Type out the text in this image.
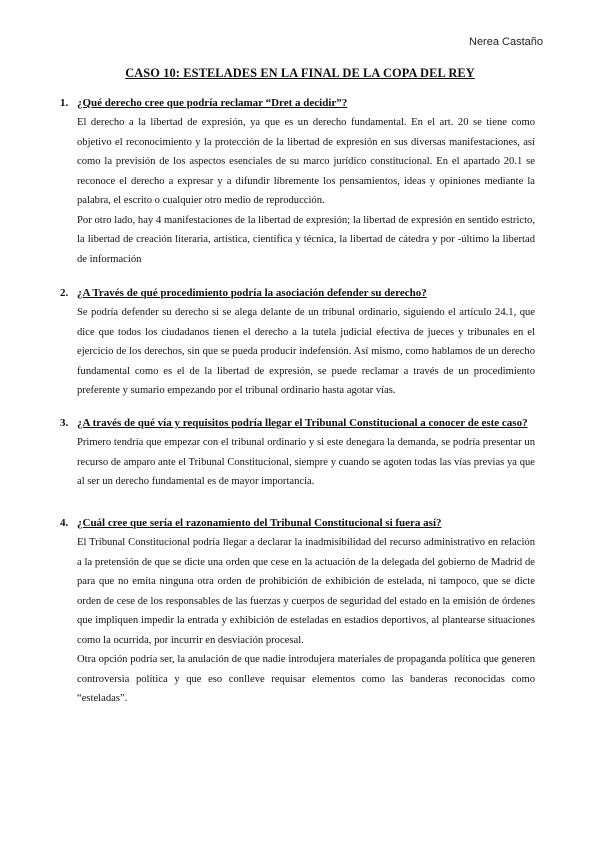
Nerea Castaño
CASO 10: ESTELADES EN LA FINAL DE LA COPA DEL REY
1. ¿Qué derecho cree que podría reclamar “Dret a decidir”?

El derecho a la libertad de expresión, ya que es un derecho fundamental. En el art. 20 se tiene como objetivo el reconocimiento y la protección de la libertad de expresión en sus diversas manifestaciones, así como la previsión de los aspectos esenciales de su marco jurídico constitucional. En el apartado 20.1 se reconoce el derecho a expresar y a difundir libremente los pensamientos, ideas y opiniones mediante la palabra, el escrito o cualquier otro medio de reproducción.

Por otro lado, hay 4 manifestaciones de la libertad de expresión; la libertad de expresión en sentido estricto, la libertad de creación literaria, artística, científica y técnica, la libertad de cátedra y por -último la libertad de información

2. ¿A Través de qué procedimiento podría la asociación defender su derecho?

Se podría defender su derecho si se alega delante de un tribunal ordinario, siguiendo el artículo 24.1, que dice que todos los ciudadanos tienen el derecho a la tutela judicial efectiva de jueces y tribunales en el ejercicio de los derechos, sin que se pueda producir indefensión. Así mismo, como hablamos de un derecho fundamental como es el de la libertad de expresión, se puede reclamar a través de un procedimiento preferente y sumario empezando por el tribunal ordinario hasta agotar vías.

3. ¿A través de qué vía y requisitos podría llegar el Tribunal Constitucional a conocer de este caso?

Primero tendría que empezar con el tribunal ordinario y si este denegara la demanda, se podría presentar un recurso de amparo ante el Tribunal Constitucional, siempre y cuando se agoten todas las vías previas ya que al ser un derecho fundamental es de mayor importancia.

4. ¿Cuál cree que sería el razonamiento del Tribunal Constitucional si fuera así?

El Tribunal Constitucional podría llegar a declarar la inadmisibilidad del recurso administrativo en relación a la pretensión de que se dicte una orden que cese en la actuación de la delegada del gobierno de Madrid de para que no emita ninguna otra orden de prohibición de exhibición de estelada, ni tampoco, que se dicte orden de cese de los responsables de las fuerzas y cuerpos de seguridad del estado en la emisión de órdenes que impliquen impedir la entrada y exhibición de esteladas en estadios deportivos, al plantearse situaciones como la ocurrida, por incurrir en desviación procesal.

Otra opción podría ser, la anulación de que nadie introdujera materiales de propaganda política que generen controversia política y que eso conlleve requisar elementos como las banderas reconocidas como “esteladas”.
